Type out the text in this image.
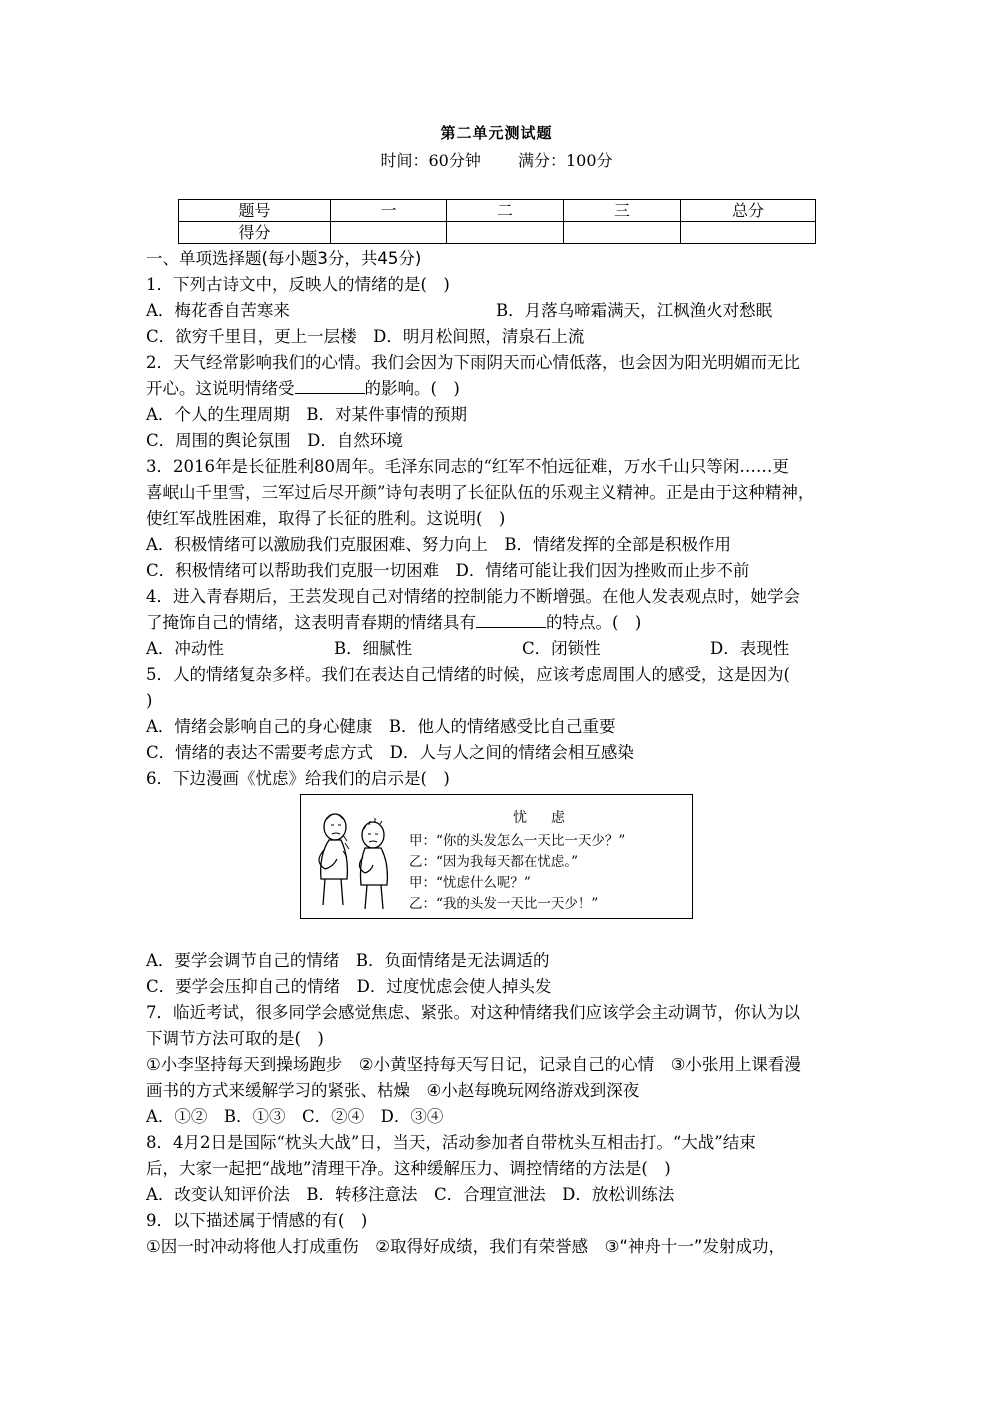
第二单元测试题
时间：60分钟 满分：100分
题号	一	二	三	总分
得分				
一、单项选择题(每小题3分，共45分)
1．下列古诗文中，反映人的情绪的是(　)
A．梅花香自苦寒来	B．月落乌啼霜满天，江枫渔火对愁眠
C．欲穷千里目，更上一层楼　 D．明月松间照，清泉石上流
2．天气经常影响我们的心情。我们会因为下雨阴天而心情低落，也会因为阳光明媚而无比
开心。这说明情绪受	的影响。(　)
A．个人的生理周期　 B．对某件事情的预期
C．周围的舆论氛围　 D．自然环境
3．2016年是长征胜利80周年。毛泽东同志的“红军不怕远征难，万水千山只等闲……更
喜岷山千里雪，三军过后尽开颜”诗句表明了长征队伍的乐观主义精神。正是由于这种精神，
使红军战胜困难，取得了长征的胜利。这说明(　)
A．积极情绪可以激励我们克服困难、努力向上　 B．情绪发挥的全部是积极作用
C．积极情绪可以帮助我们克服一切困难　 D．情绪可能让我们因为挫败而止步不前
4．进入青春期后，王芸发现自己对情绪的控制能力不断增强。在他人发表观点时，她学会
了掩饰自己的情绪，这表明青春期的情绪具有	的特点。(　)
A．冲动性	B．细腻性	C．闭锁性	D．表现性
5．人的情绪复杂多样。我们在表达自己情绪的时候，应该考虑周围人的感受，这是因为(
)
A．情绪会影响自己的身心健康　 B．他人的情绪感受比自己重要
C．情绪的表达不需要考虑方式　 D．人与人之间的情绪会相互感染
6．下边漫画《忧虑》给我们的启示是(　)
A．要学会调节自己的情绪　 B．负面情绪是无法调适的
C．要学会压抑自己的情绪　 D．过度忧虑会使人掉头发
7．临近考试，很多同学会感觉焦虑、紧张。对这种情绪我们应该学会主动调节，你认为以
下调节方法可取的是(　)
①小李坚持每天到操场跑步　②小黄坚持每天写日记，记录自己的心情　③小张用上课看漫
画书的方式来缓解学习的紧张、枯燥　④小赵每晚玩网络游戏到深夜
A．①②　B．①③　C．②④　D．③④
8．4月2日是国际“枕头大战”日，当天，活动参加者自带枕头互相击打。“大战”结束
后，大家一起把“战地”清理干净。这种缓解压力、调控情绪的方法是(　)
A．改变认知评价法　B．转移注意法　C．合理宣泄法　D．放松训练法
9．以下描述属于情感的有(　)
①因一时冲动将他人打成重伤　②取得好成绩，我们有荣誉感　③“神舟十一”发射成功，
忧虑
甲：“你的头发怎么一天比一天少？”
乙：“因为我每天都在忧虑。”
甲：“忧虑什么呢？”
乙：“我的头发一天比一天少！”
